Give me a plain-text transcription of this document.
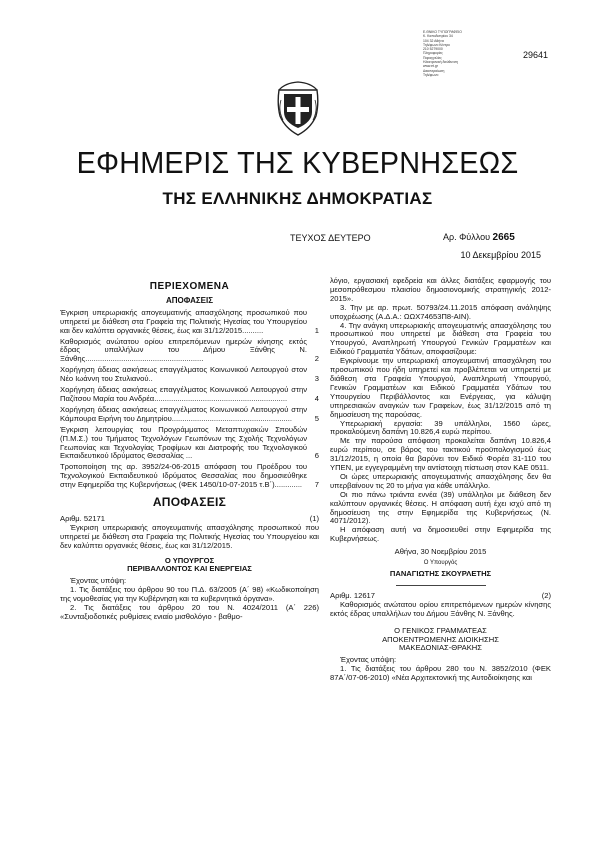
Ε.ΘΝΙΚΟ ΤΥΠΟΓΡΑΦΕΙΟ
Κ. Καποδιστρίου 34
104 32 Αθήνα
Τηλέφωνο Κέντρο
210 5279000
Πληροφορίες
Παραγγελίες
Ηλεκτρονική διεύθυνση
www.et.gr
Διεκπεραίωση
Τηλέφωνο
29641
ΕΦΗΜΕΡΙΣ ΤΗΣ ΚΥΒΕΡΝΗΣΕΩΣ
ΤΗΣ ΕΛΛΗΝΙΚΗΣ ΔΗΜΟΚΡΑΤΙΑΣ
ΤΕΥΧΟΣ ΔΕΥΤΕΡΟ	Αρ. Φύλλου 2665
10 Δεκεμβρίου 2015
ΠΕΡΙΕΧΟΜΕΝΑ
ΑΠΟΦΑΣΕΙΣ
Έγκριση υπερωριακής απογευματινής απασχόλησης προσωπικού που υπηρετεί με διάθεση στα Γραφεία της Πολιτικής Ηγεσίας του Υπουργείου και δεν καλύπτει οργανικές θέσεις, έως και 31/12/2015..........	1
Καθορισμός ανώτατου ορίου επιτρεπόμενων ημερών κίνησης εκτός έδρας υπαλλήλων του Δήμου Ξάνθης Ν. Ξάνθης........................................................	2
Χορήγηση άδειας ασκήσεως επαγγέλματος Κοινωνικού Λειτουργού στον Νέο Ιωάννη του Στυλιανού..	3
Χορήγηση άδειας ασκήσεως επαγγέλματος Κοινωνικού Λειτουργού στην Παζίτσου Μαρία του Ανδρέα...............................................................	4
Χορήγηση άδειας ασκήσεως επαγγέλματος Κοινωνικού Λειτουργού στην Κάμπουρα Ειρήνη του Δημητρίου.........................................................	5
Έγκριση λειτουργίας του Προγράμματος Μεταπτυχιακών Σπουδών (Π.Μ.Σ.) του Τμήματος Τεχνολόγων Γεωπόνων της Σχολής Τεχνολόγων Γεωπονίας και Τεχνολογίας Τροφίμων και Διατροφής του Τεχνολογικού Εκπαιδευτικού Ιδρύματος Θεσσαλίας ...	6
Τροποποίηση της αρ. 3952/24-06-2015 απόφαση του Προέδρου του Τεχνολογικού Εκπαιδευτικού Ιδρύματος Θεσσαλίας που δημοσιεύθηκε στην Εφημερίδα της Κυβερνήσεως (ΦΕΚ 1450/10-07-2015 τ.Β΄).............	7
ΑΠΟΦΑΣΕΙΣ
Αριθμ. 52171	(1)

Έγκριση υπερωριακής απογευματινής απασχόλησης προσωπικού που υπηρετεί με διάθεση στα Γραφεία της Πολιτικής Ηγεσίας του Υπουργείου και δεν καλύπτει οργανικές θέσεις, έως και 31/12/2015.

Ο ΥΠΟΥΡΓΟΣ
ΠΕΡΙΒΑΛΛΟΝΤΟΣ ΚΑΙ ΕΝΕΡΓΕΙΑΣ

Έχοντας υπόψη:

1. Τις διατάξεις του άρθρου 90 του Π.Δ. 63/2005 (Α΄ 98) «Κωδικοποίηση της νομοθεσίας για την Κυβέρνηση και τα κυβερνητικά όργανα».

2. Τις διατάξεις του άρθρου 20 του Ν. 4024/2011 (Α΄ 226) «Συνταξιοδοτικές ρυθμίσεις ενιαίο μισθολόγιο - βαθμο-

λόγιο, εργασιακή εφεδρεία και άλλες διατάξεις εφαρμογής του μεσοπρόθεσμου πλαισίου δημοσιονομικής στρατηγικής 2012-2015».

3. Την με αρ. πρωτ. 50793/24.11.2015 απόφαση ανάληψης υποχρέωσης (Α.Δ.Α.: ΩΩΧ74653Π8-ΑΙΝ).

4. Την ανάγκη υπερωριακής απογευματινής απασχόλησης του προσωπικού που υπηρετεί με διάθεση στα Γραφεία του Υπουργού, Αναπληρωτή Υπουργού Γενικών Γραμματέων και Ειδικού Γραμματέα Υδάτων, αποφασίζουμε:

Εγκρίνουμε την υπερωριακή απογευματινή απασχόληση του προσωπικού που ήδη υπηρετεί και προβλέπεται να υπηρετεί με διάθεση στα Γραφεία Υπουργού, Αναπληρωτή Υπουργού, Γενικών Γραμματέων και Ειδικού Γραμματέα Υδάτων του Υπουργείου Περιβάλλοντος και Ενέργειας, για κάλυψη υπηρεσιακών αναγκών των Γραφείων, έως 31/12/2015 από τη δημοσίευση της παρούσας.

Υπερωριακή εργασία: 39 υπάλληλοι, 1560 ώρες, προκαλούμενη δαπάνη 10.826,4 ευρώ περίπου.

Με την παρούσα απόφαση προκαλείται δαπάνη 10.826,4 ευρώ περίπου, σε βάρος του τακτικού προϋπολογισμού έως 31/12/2015, η οποία θα βαρύνει τον Ειδικό Φορέα 31-110 του ΥΠΕΝ, με εγγεγραμμένη την αντίστοιχη πίστωση στον ΚΑΕ 0511.

Οι ώρες υπερωριακής απογευματινής απασχόλησης δεν θα υπερβαίνουν τις 20 το μήνα για κάθε υπάλληλο.

Οι πιο πάνω τριάντα εννέα (39) υπάλληλοι με διάθεση δεν καλύπτουν οργανικές θέσεις. Η απόφαση αυτή έχει ισχύ από τη δημοσίευση της στην Εφημερίδα της Κυβερνήσεως (Ν. 4071/2012).

Η απόφαση αυτή να δημοσιευθεί στην Εφημερίδα της Κυβερνήσεως.

Αθήνα, 30 Νοεμβρίου 2015
Ο Υπουργός
ΠΑΝΑΓΙΩΤΗΣ ΣΚΟΥΡΛΕΤΗΣ
Αριθμ. 12617	(2)

Καθορισμός ανώτατου ορίου επιτρεπόμενων ημερών κίνησης εκτός έδρας υπαλλήλων του Δήμου Ξάνθης Ν. Ξάνθης.

Ο ΓΕΝΙΚΟΣ ΓΡΑΜΜΑΤΕΑΣ
ΑΠΟΚΕΝΤΡΩΜΕΝΗΣ ΔΙΟΙΚΗΣΗΣ
ΜΑΚΕΔΟΝΙΑΣ-ΘΡΑΚΗΣ

Έχοντας υπόψη:

1. Τις διατάξεις του άρθρου 280 του Ν. 3852/2010 (ΦΕΚ 87Α΄/07-06-2010) «Νέα Αρχιτεκτονική της Αυτοδιοίκησης και
